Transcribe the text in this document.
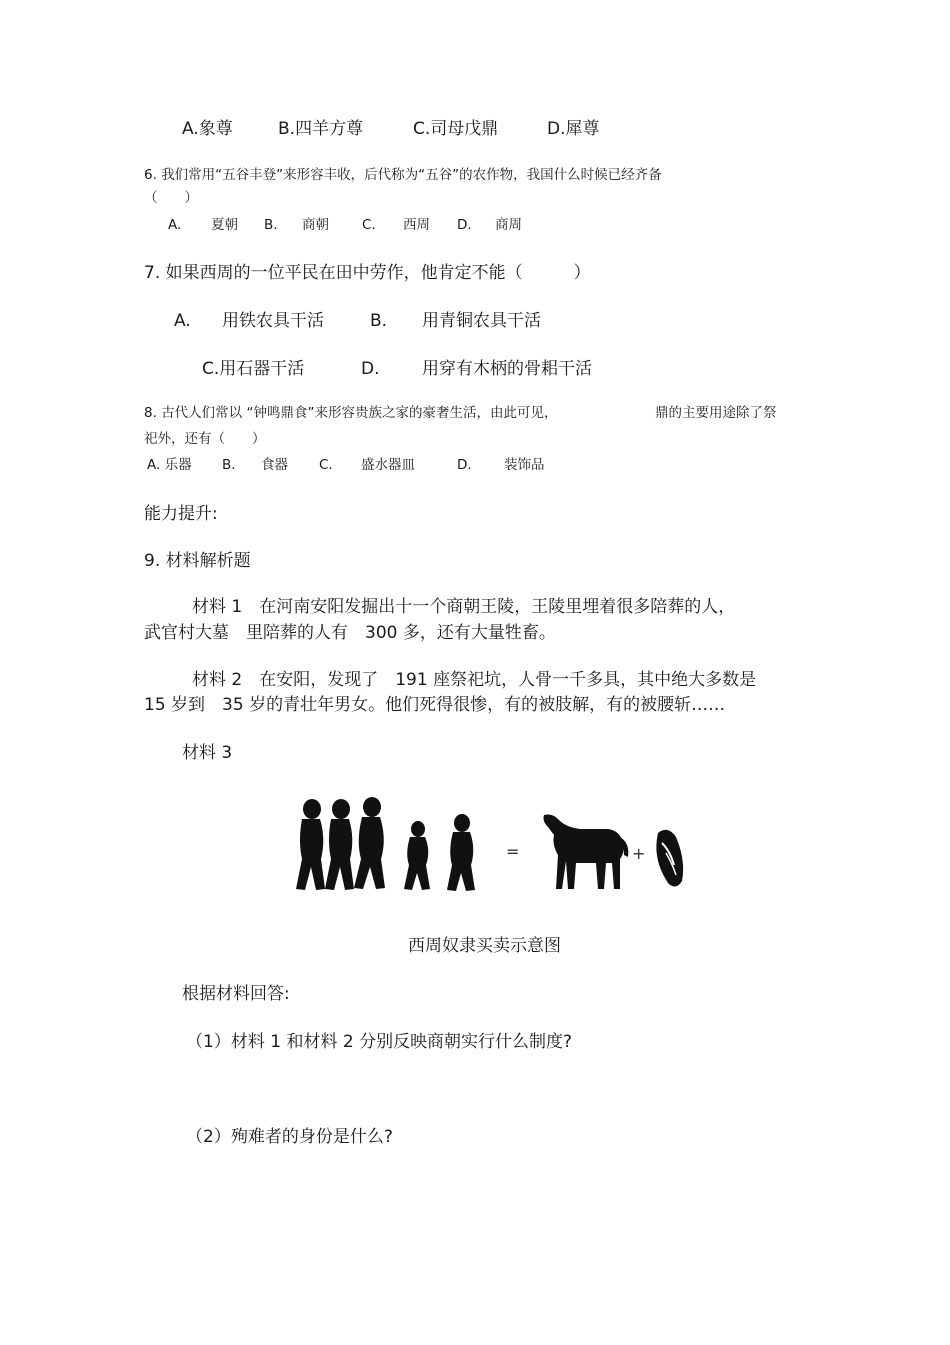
A.象尊	B.四羊方尊	C.司母戊鼎	D.犀尊
6. 我们常用“五谷丰登”来形容丰收，后代称为“五谷”的农作物，我国什么时候已经齐备
（　　）
A. 夏朝 B. 商朝 C. 西周 D. 商周
7. 如果西周的一位平民在田中劳作，他肯定不能（　　　）
A. 用铁农具干活	B. 用青铜农具干活
C.用石器干活	D.	用穿有木柄的骨耜干活
8. 古代人们常以 “钟鸣鼎食”来形容贵族之家的豪奢生活，由此可见，	鼎的主要用途除了祭
祀外，还有（　　）
A. 乐器 B. 食器 C. 盛水器皿	D. 装饰品
能力提升:
9. 材料解析题
材料 1　在河南安阳发掘出十一个商朝王陵，王陵里埋着很多陪葬的人，
武官村大墓　里陪葬的人有　300 多，还有大量牲畜。
材料 2　在安阳，发现了　191 座祭祀坑，人骨一千多具，其中绝大多数是
15 岁到　35 岁的青壮年男女。他们死得很惨，有的被肢解，有的被腰斩……
材料 3
=	+
西周奴隶买卖示意图
根据材料回答:
（1）材料 1 和材料 2 分别反映商朝实行什么制度?
（2）殉难者的身份是什么?
